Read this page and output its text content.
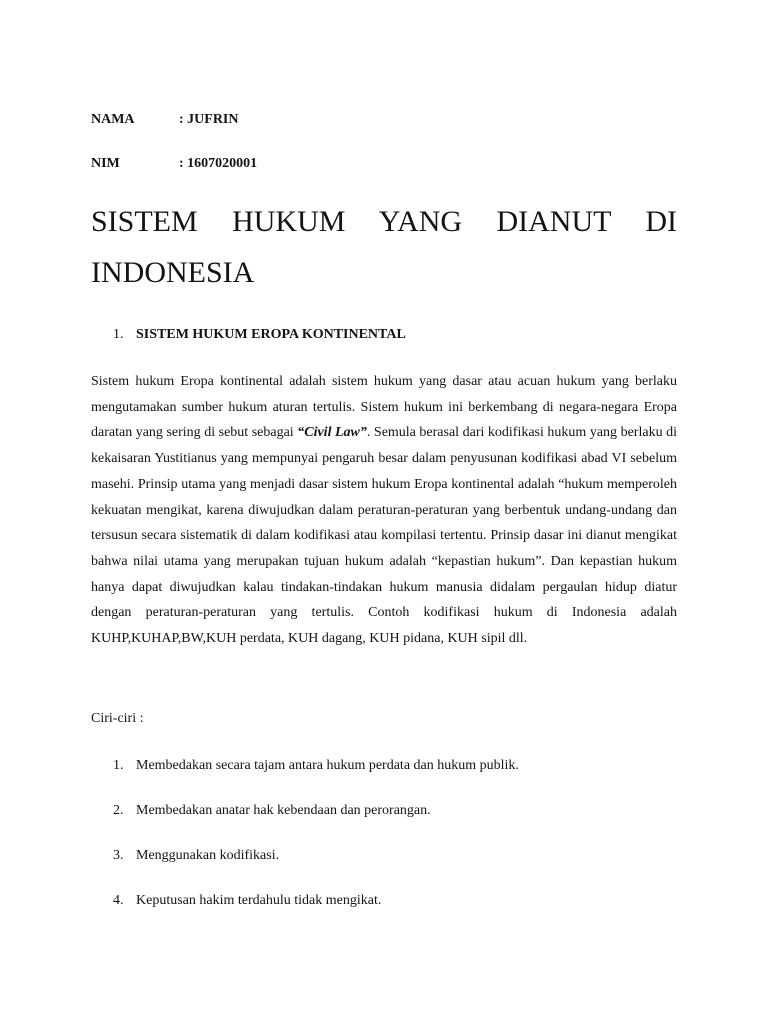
NAMA	: JUFRIN
NIM	: 1607020001
SISTEM HUKUM YANG DIANUT DI INDONESIA
1. SISTEM HUKUM EROPA KONTINENTAL

Sistem hukum Eropa kontinental adalah sistem hukum yang dasar atau acuan hukum yang berlaku mengutamakan sumber hukum aturan tertulis. Sistem hukum ini berkembang di negara-negara Eropa daratan yang sering di sebut sebagai “Civil Law”. Semula berasal dari kodifikasi hukum yang berlaku di kekaisaran Yustitianus yang mempunyai pengaruh besar dalam penyusunan kodifikasi abad VI sebelum masehi. Prinsip utama yang menjadi dasar sistem hukum Eropa kontinental adalah “hukum memperoleh kekuatan mengikat, karena diwujudkan dalam peraturan-peraturan yang berbentuk undang-undang dan tersusun secara sistematik di dalam kodifikasi atau kompilasi tertentu. Prinsip dasar ini dianut mengikat bahwa nilai utama yang merupakan tujuan hukum adalah “kepastian hukum”. Dan kepastian hukum hanya dapat diwujudkan kalau tindakan-tindakan hukum manusia didalam pergaulan hidup diatur dengan peraturan-peraturan yang tertulis. Contoh kodifikasi hukum di Indonesia adalah KUHP,KUHAP,BW,KUH perdata, KUH dagang, KUH pidana, KUH sipil dll.

Ciri-ciri :
1. Membedakan secara tajam antara hukum perdata dan hukum publik.
2. Membedakan anatar hak kebendaan dan perorangan.
3. Menggunakan kodifikasi.
4. Keputusan hakim terdahulu tidak mengikat.
